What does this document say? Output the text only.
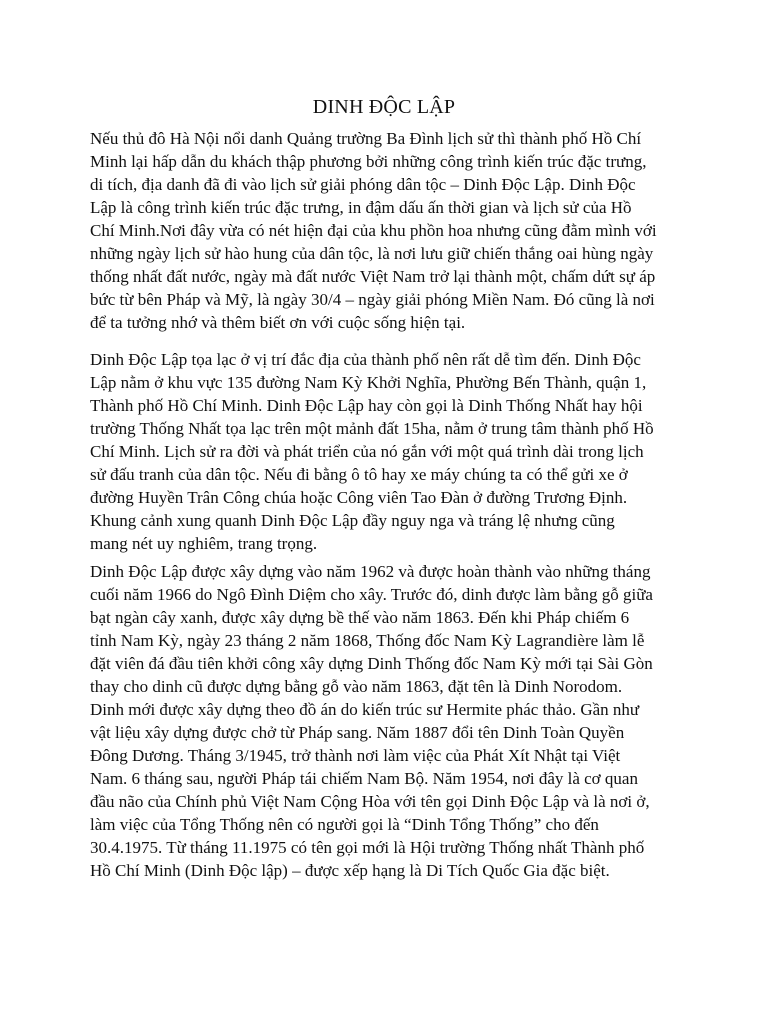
DINH ĐỘC LẬP

Nếu thủ đô Hà Nội nổi danh Quảng trường Ba Đình lịch sử thì thành phố Hồ Chí
Minh lại hấp dẫn du khách thập phương bởi những công trình kiến trúc đặc trưng,
di tích, địa danh đã đi vào lịch sử giải phóng dân tộc – Dinh Độc Lập. Dinh Độc
Lập là công trình kiến trúc đặc trưng, in đậm dấu ấn thời gian và lịch sử của Hồ
Chí Minh.Nơi đây vừa có nét hiện đại của khu phồn hoa nhưng cũng đằm mình với
những ngày lịch sử hào hung của dân tộc, là nơi lưu giữ chiến thắng oai hùng ngày
thống nhất đất nước, ngày mà đất nước Việt Nam trở lại thành một, chấm dứt sự áp
bức từ bên Pháp và Mỹ, là ngày 30/4 – ngày giải phóng Miền Nam. Đó cũng là nơi
để ta tưởng nhớ và thêm biết ơn với cuộc sống hiện tại.

Dinh Độc Lập tọa lạc ở vị trí đắc địa của thành phố nên rất dễ tìm đến. Dinh Độc
Lập nằm ở khu vực 135 đường Nam Kỳ Khởi Nghĩa, Phường Bến Thành, quận 1,
Thành phố Hồ Chí Minh. Dinh Độc Lập hay còn gọi là Dinh Thống Nhất hay hội
trường Thống Nhất tọa lạc trên một mảnh đất 15ha, nằm ở trung tâm thành phố Hồ
Chí Minh. Lịch sử ra đời và phát triển của nó gắn với một quá trình dài trong lịch
sử đấu tranh của dân tộc. Nếu đi bằng ô tô hay xe máy chúng ta có thể gửi xe ở
đường Huyền Trân Công chúa hoặc Công viên Tao Đàn ở đường Trương Định.
Khung cảnh xung quanh Dinh Độc Lập đầy nguy nga và tráng lệ nhưng cũng
mang nét uy nghiêm, trang trọng.

Dinh Độc Lập được xây dựng vào năm 1962 và được hoàn thành vào những tháng
cuối năm 1966 do Ngô Đình Diệm cho xây. Trước đó, dinh được làm bằng gỗ giữa
bạt ngàn cây xanh, được xây dựng bề thế vào năm 1863. Đến khi Pháp chiếm 6
tỉnh Nam Kỳ, ngày 23 tháng 2 năm 1868, Thống đốc Nam Kỳ Lagrandière làm lễ
đặt viên đá đầu tiên khởi công xây dựng Dinh Thống đốc Nam Kỳ mới tại Sài Gòn
thay cho dinh cũ được dựng bằng gỗ vào năm 1863, đặt tên là Dinh Norodom.
Dinh mới được xây dựng theo đồ án do kiến trúc sư Hermite phác thảo. Gần như
vật liệu xây dựng được chở từ Pháp sang. Năm 1887 đổi tên Dinh Toàn Quyền
Đông Dương. Tháng 3/1945, trở thành nơi làm việc của Phát Xít Nhật tại Việt
Nam. 6 tháng sau, người Pháp tái chiếm Nam Bộ. Năm 1954, nơi đây là cơ quan
đầu não của Chính phủ Việt Nam Cộng Hòa với tên gọi Dinh Độc Lập và là nơi ở,
làm việc của Tổng Thống nên có người gọi là “Dinh Tổng Thống” cho đến
30.4.1975. Từ tháng 11.1975 có tên gọi mới là Hội trường Thống nhất Thành phố
Hồ Chí Minh (Dinh Độc lập) – được xếp hạng là Di Tích Quốc Gia đặc biệt.
